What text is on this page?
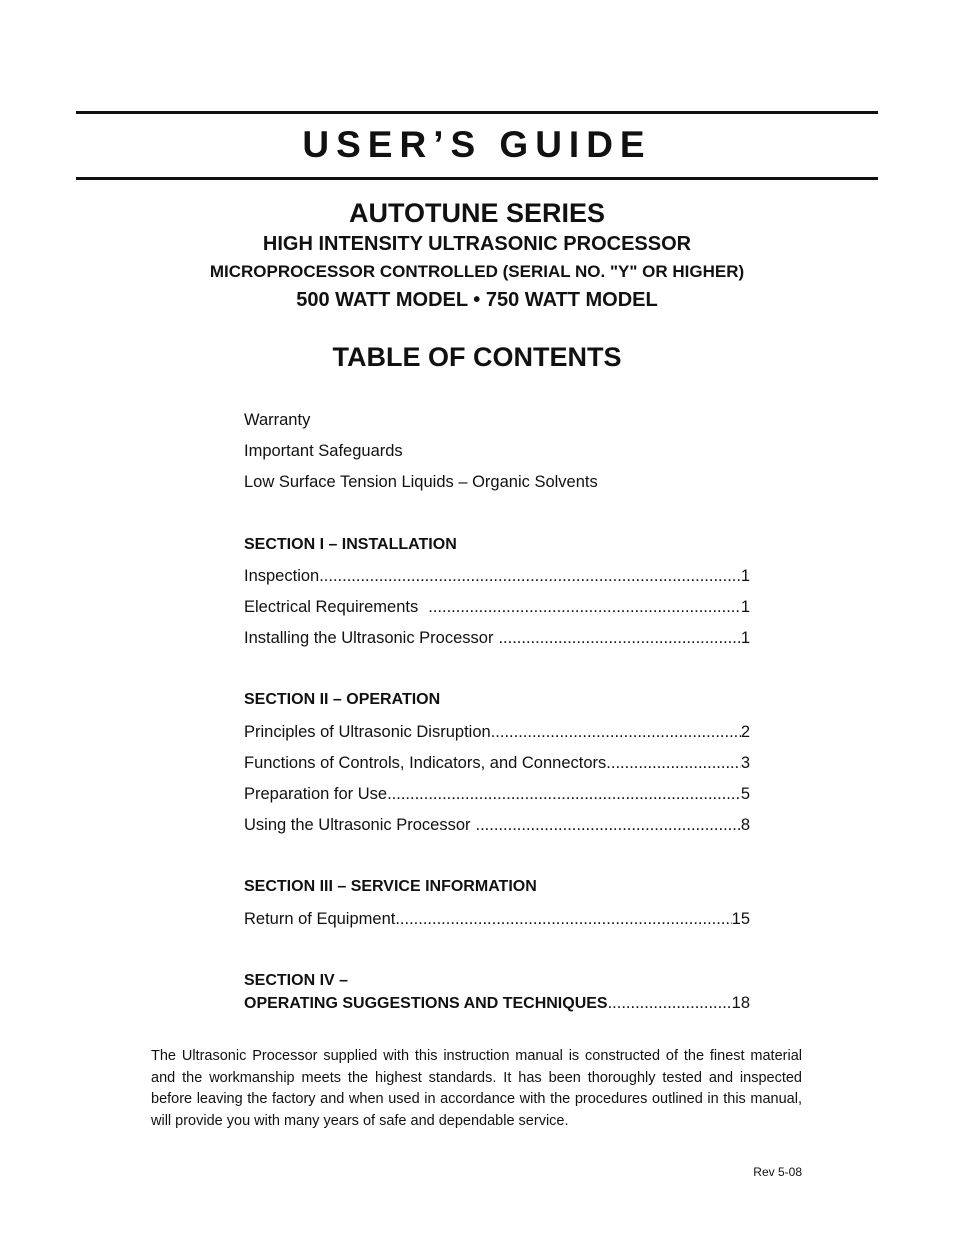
USER’S GUIDE
AUTOTUNE SERIES
HIGH INTENSITY ULTRASONIC PROCESSOR
MICROPROCESSOR CONTROLLED (SERIAL NO. "Y" OR HIGHER)
500 WATT MODEL • 750 WATT MODEL
TABLE OF CONTENTS
Warranty
Important Safeguards
Low Surface Tension Liquids – Organic Solvents
SECTION I – INSTALLATION
Inspection .....	1
Electrical Requirements .....	1
Installing the Ultrasonic Processor .....	1
SECTION II – OPERATION
Principles of Ultrasonic Disruption .....	2
Functions of Controls, Indicators, and Connectors .....	3
Preparation for Use .....	5
Using the Ultrasonic Processor .....	8
SECTION III – SERVICE INFORMATION
Return of Equipment .....	15
SECTION IV –
OPERATING SUGGESTIONS AND TECHNIQUES .....	18
The Ultrasonic Processor supplied with this instruction manual is constructed of the finest material and the workmanship meets the highest standards. It has been thoroughly tested and inspected before leaving the factory and when used in accordance with the procedures outlined in this manual, will provide you with many years of safe and dependable service.
Rev 5-08
